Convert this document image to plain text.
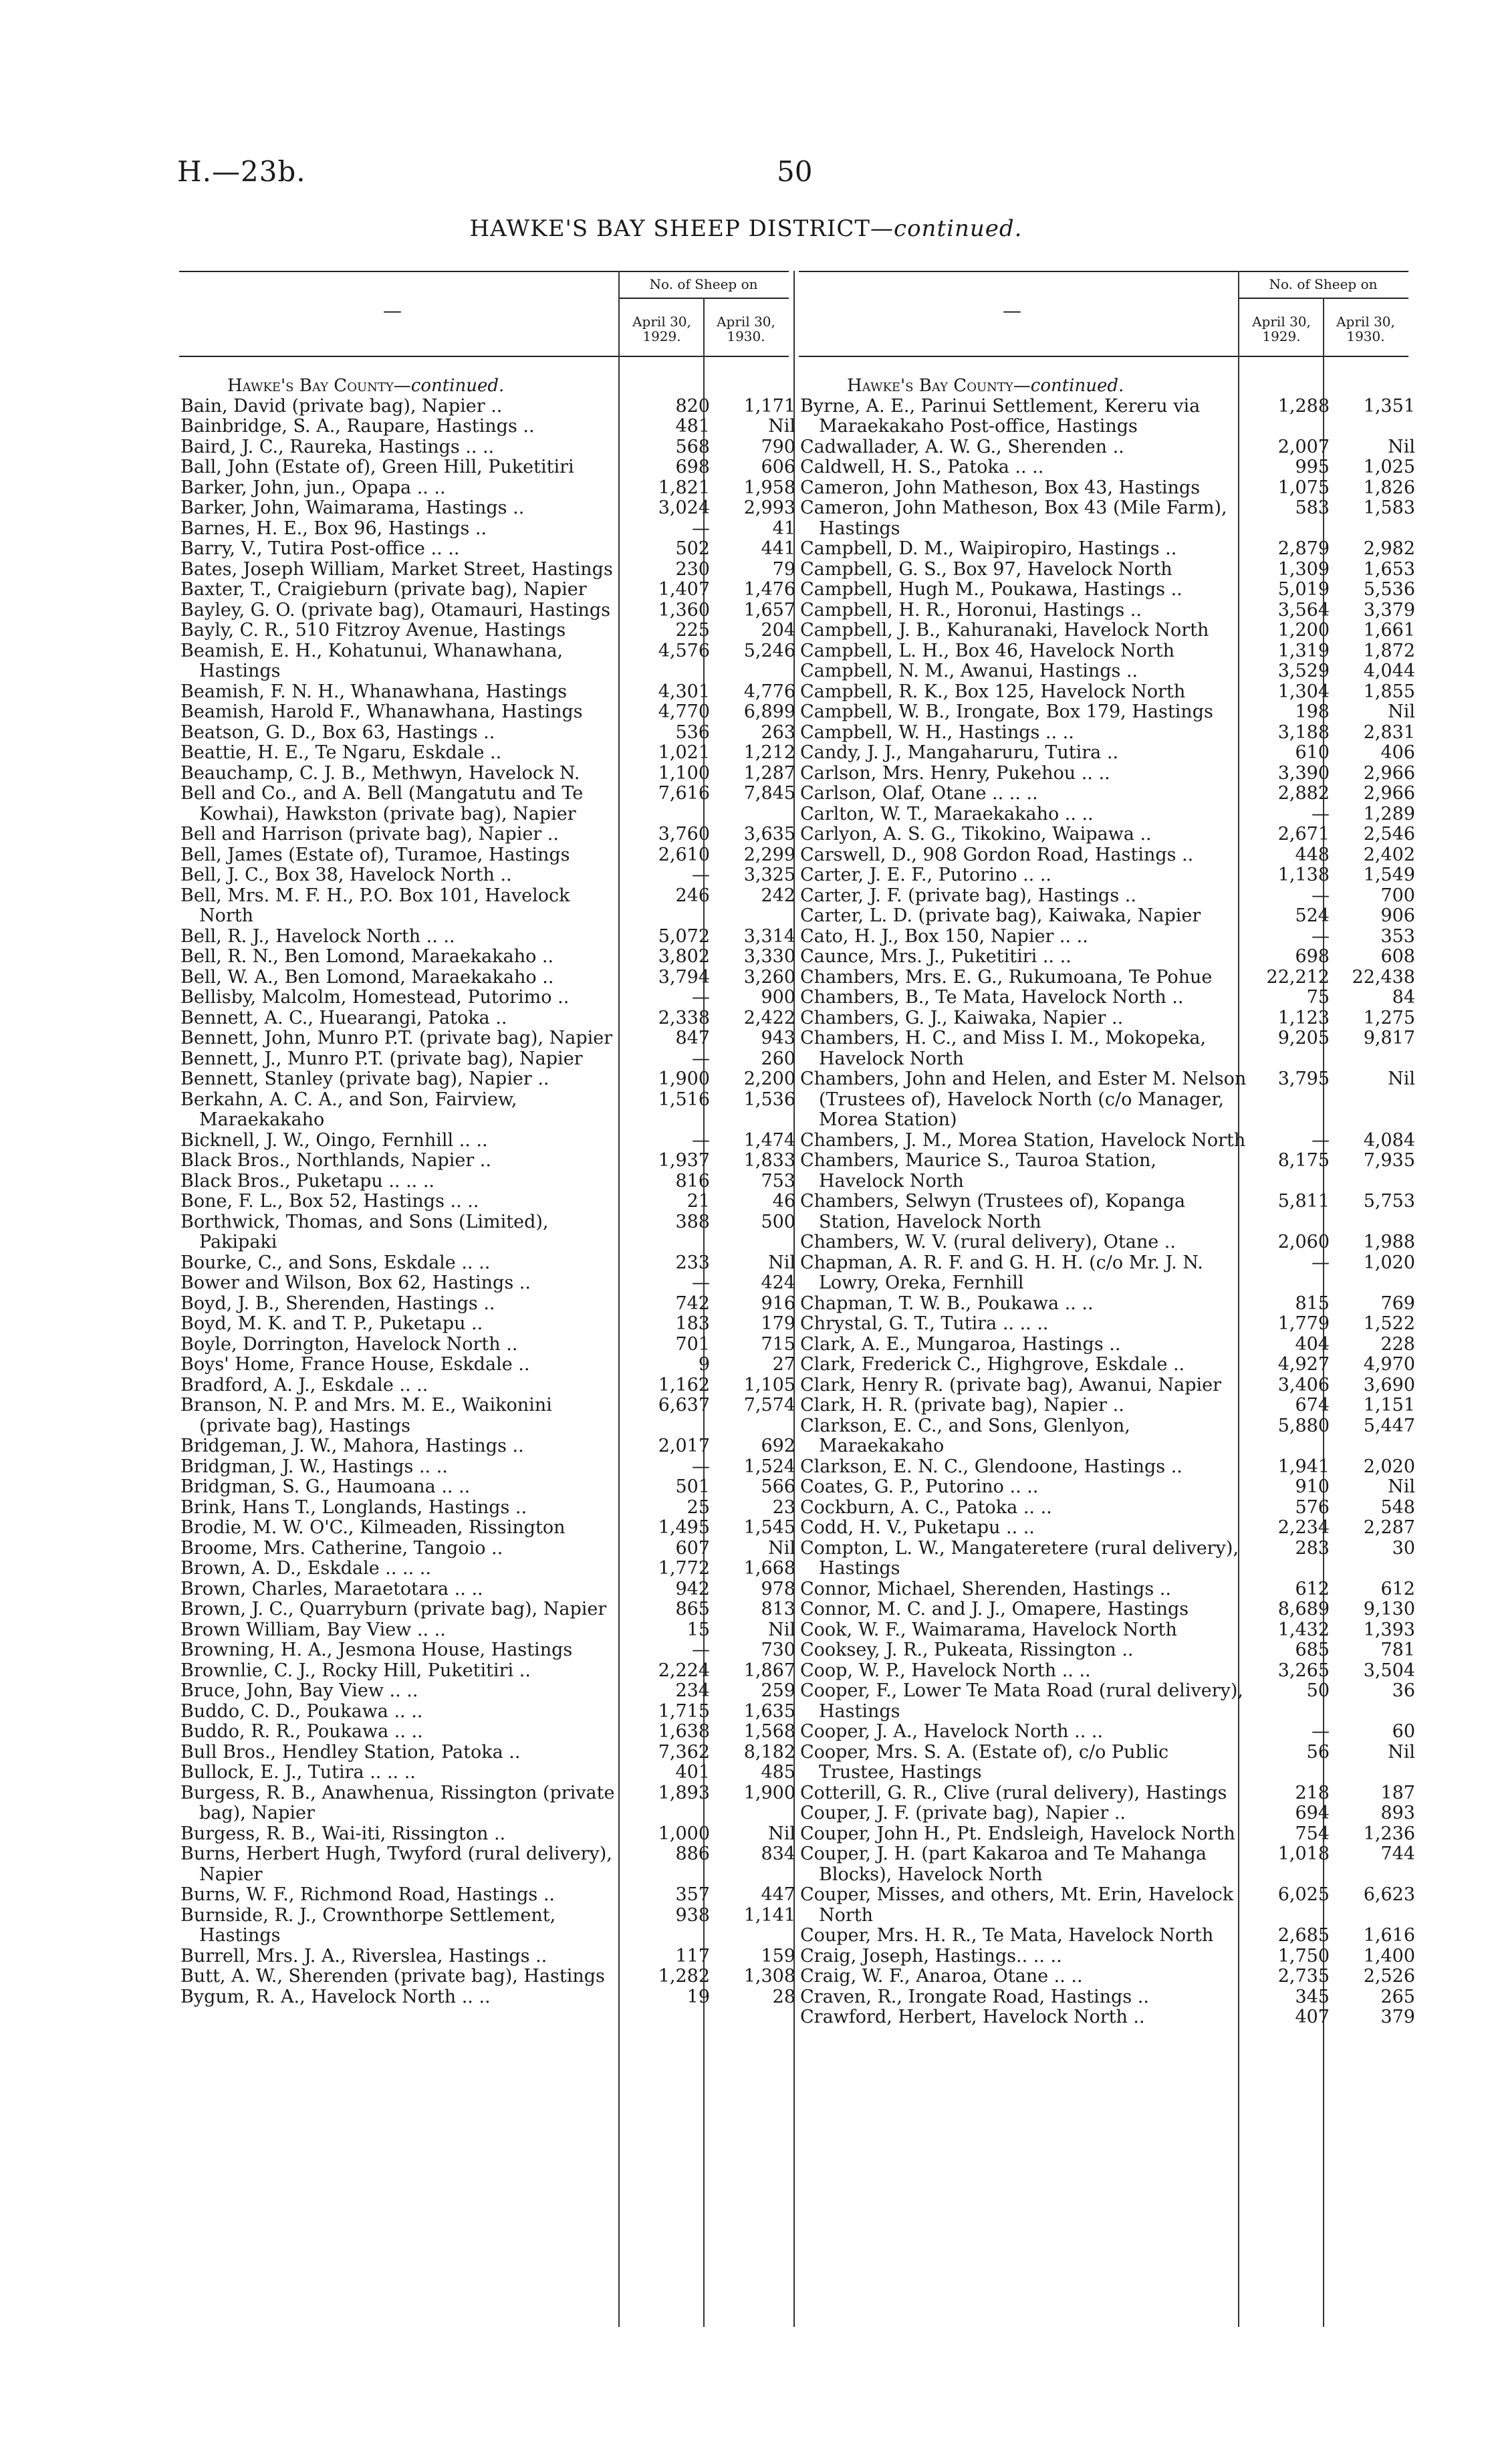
H.—23b.	50
HAWKE'S BAY SHEEP DISTRICT—continued.
—
No. of Sheep on
April 30, 1929.
April 30, 1930.
—
No. of Sheep on
April 30, 1929.
April 30, 1930.
Hawke's Bay County—continued.
Bain, David (private bag), Napier ..	820	1,171
Bainbridge, S. A., Raupare, Hastings ..	481	Nil
Baird, J. C., Raureka, Hastings .. ..	568	790
Ball, John (Estate of), Green Hill, Puketitiri	698	606
Barker, John, jun., Opapa .. ..	1,821	1,958
Barker, John, Waimarama, Hastings ..	3,024	2,993
Barnes, H. E., Box 96, Hastings ..	—	41
Barry, V., Tutira Post-office .. ..	502	441
Bates, Joseph William, Market Street, Hastings	230	79
Baxter, T., Craigieburn (private bag), Napier	1,407	1,476
Bayley, G. O. (private bag), Otamauri, Hastings	1,360	1,657
Bayly, C. R., 510 Fitzroy Avenue, Hastings	225	204
Beamish, E. H., Kohatunui, Whanawhana, Hastings
4,576	5,246
Beamish, F. N. H., Whanawhana, Hastings	4,301	4,776
Beamish, Harold F., Whanawhana, Hastings	4,770	6,899
Beatson, G. D., Box 63, Hastings ..	536	263
Beattie, H. E., Te Ngaru, Eskdale ..	1,021	1,212
Beauchamp, C. J. B., Methwyn, Havelock N.	1,100	1,287
Bell and Co., and A. Bell (Mangatutu and Te Kowhai), Hawkston (private bag), Napier
7,616	7,845
Bell and Harrison (private bag), Napier ..	3,760	3,635
Bell, James (Estate of), Turamoe, Hastings	2,610	2,299
Bell, J. C., Box 38, Havelock North ..	—	3,325
Bell, Mrs. M. F. H., P.O. Box 101, Havelock North
246	242
Bell, R. J., Havelock North .. ..	5,072	3,314
Bell, R. N., Ben Lomond, Maraekakaho ..	3,802	3,330
Bell, W. A., Ben Lomond, Maraekakaho ..	3,794	3,260
Bellisby, Malcolm, Homestead, Putorimo ..	—	900
Bennett, A. C., Huearangi, Patoka ..	2,338	2,422
Bennett, John, Munro P.T. (private bag), Napier	847	943
Bennett, J., Munro P.T. (private bag), Napier	—	260
Bennett, Stanley (private bag), Napier ..	1,900	2,200
Berkahn, A. C. A., and Son, Fairview, Maraekakaho
1,516	1,536
Bicknell, J. W., Oingo, Fernhill .. ..	—	1,474
Black Bros., Northlands, Napier ..	1,937	1,833
Black Bros., Puketapu .. .. ..	816	753
Bone, F. L., Box 52, Hastings .. ..	21	46
Borthwick, Thomas, and Sons (Limited), Pakipaki
388	500
Bourke, C., and Sons, Eskdale .. ..	233	Nil
Bower and Wilson, Box 62, Hastings ..	—	424
Boyd, J. B., Sherenden, Hastings ..	742	916
Boyd, M. K. and T. P., Puketapu ..	183	179
Boyle, Dorrington, Havelock North ..	701	715
Boys' Home, France House, Eskdale ..	9	27
Bradford, A. J., Eskdale .. ..	1,162	1,105
Branson, N. P. and Mrs. M. E., Waikonini (private bag), Hastings
6,637	7,574
Bridgeman, J. W., Mahora, Hastings ..	2,017	692
Bridgman, J. W., Hastings .. ..	—	1,524
Bridgman, S. G., Haumoana .. ..	501	566
Brink, Hans T., Longlands, Hastings ..	25	23
Brodie, M. W. O'C., Kilmeaden, Rissington	1,495	1,545
Broome, Mrs. Catherine, Tangoio ..	607	Nil
Brown, A. D., Eskdale .. .. ..	1,772	1,668
Brown, Charles, Maraetotara .. ..	942	978
Brown, J. C., Quarryburn (private bag), Napier	865	813
Brown William, Bay View .. ..	15	Nil
Browning, H. A., Jesmona House, Hastings	—	730
Brownlie, C. J., Rocky Hill, Puketitiri ..	2,224	1,867
Bruce, John, Bay View .. ..	234	259
Buddo, C. D., Poukawa .. ..	1,715	1,635
Buddo, R. R., Poukawa .. ..	1,638	1,568
Bull Bros., Hendley Station, Patoka ..	7,362	8,182
Bullock, E. J., Tutira .. .. ..	401	485
Burgess, R. B., Anawhenua, Rissington (private bag), Napier
1,893	1,900
Burgess, R. B., Wai-iti, Rissington ..	1,000	Nil
Burns, Herbert Hugh, Twyford (rural delivery), Napier
886	834
Burns, W. F., Richmond Road, Hastings ..	357	447
Burnside, R. J., Crownthorpe Settlement, Hastings
938	1,141
Burrell, Mrs. J. A., Riverslea, Hastings ..	117	159
Butt, A. W., Sherenden (private bag), Hastings	1,282	1,308
Bygum, R. A., Havelock North .. ..	19	28
Hawke's Bay County—continued.
Byrne, A. E., Parinui Settlement, Kereru via Maraekakaho Post-office, Hastings
1,288	1,351
Cadwallader, A. W. G., Sherenden ..	2,007	Nil
Caldwell, H. S., Patoka .. ..	995	1,025
Cameron, John Matheson, Box 43, Hastings	1,075	1,826
Cameron, John Matheson, Box 43 (Mile Farm), Hastings
583	1,583
Campbell, D. M., Waipiropiro, Hastings ..	2,879	2,982
Campbell, G. S., Box 97, Havelock North	1,309	1,653
Campbell, Hugh M., Poukawa, Hastings ..	5,019	5,536
Campbell, H. R., Horonui, Hastings ..	3,564	3,379
Campbell, J. B., Kahuranaki, Havelock North	1,200	1,661
Campbell, L. H., Box 46, Havelock North	1,319	1,872
Campbell, N. M., Awanui, Hastings ..	3,529	4,044
Campbell, R. K., Box 125, Havelock North	1,304	1,855
Campbell, W. B., Irongate, Box 179, Hastings	198	Nil
Campbell, W. H., Hastings .. ..	3,188	2,831
Candy, J. J., Mangaharuru, Tutira ..	610	406
Carlson, Mrs. Henry, Pukehou .. ..	3,390	2,966
Carlson, Olaf, Otane .. .. ..	2,882	2,966
Carlton, W. T., Maraekakaho .. ..	—	1,289
Carlyon, A. S. G., Tikokino, Waipawa ..	2,671	2,546
Carswell, D., 908 Gordon Road, Hastings ..	448	2,402
Carter, J. E. F., Putorino .. ..	1,138	1,549
Carter, J. F. (private bag), Hastings ..	—	700
Carter, L. D. (private bag), Kaiwaka, Napier	524	906
Cato, H. J., Box 150, Napier .. ..	—	353
Caunce, Mrs. J., Puketitiri .. ..	698	608
Chambers, Mrs. E. G., Rukumoana, Te Pohue	22,212	22,438
Chambers, B., Te Mata, Havelock North ..	75	84
Chambers, G. J., Kaiwaka, Napier ..	1,123	1,275
Chambers, H. C., and Miss I. M., Mokopeka, Havelock North
9,205	9,817
Chambers, John and Helen, and Ester M. Nelson (Trustees of), Havelock North (c/o Manager, Morea Station)
3,795	Nil
Chambers, J. M., Morea Station, Havelock North	—	4,084
Chambers, Maurice S., Tauroa Station, Havelock North
8,175	7,935
Chambers, Selwyn (Trustees of), Kopanga Station, Havelock North
5,811	5,753
Chambers, W. V. (rural delivery), Otane ..	2,060	1,988
Chapman, A. R. F. and G. H. H. (c/o Mr. J. N. Lowry, Oreka, Fernhill
—	1,020
Chapman, T. W. B., Poukawa .. ..	815	769
Chrystal, G. T., Tutira .. .. ..	1,779	1,522
Clark, A. E., Mungaroa, Hastings ..	404	228
Clark, Frederick C., Highgrove, Eskdale ..	4,927	4,970
Clark, Henry R. (private bag), Awanui, Napier	3,406	3,690
Clark, H. R. (private bag), Napier ..	674	1,151
Clarkson, E. C., and Sons, Glenlyon, Maraekakaho
5,880	5,447
Clarkson, E. N. C., Glendoone, Hastings ..	1,941	2,020
Coates, G. P., Putorino .. ..	910	Nil
Cockburn, A. C., Patoka .. ..	576	548
Codd, H. V., Puketapu .. ..	2,234	2,287
Compton, L. W., Mangateretere (rural delivery), Hastings
283	30
Connor, Michael, Sherenden, Hastings ..	612	612
Connor, M. C. and J. J., Omapere, Hastings	8,689	9,130
Cook, W. F., Waimarama, Havelock North	1,432	1,393
Cooksey, J. R., Pukeata, Rissington ..	685	781
Coop, W. P., Havelock North .. ..	3,265	3,504
Cooper, F., Lower Te Mata Road (rural delivery), Hastings
50	36
Cooper, J. A., Havelock North .. ..	—	60
Cooper, Mrs. S. A. (Estate of), c/o Public Trustee, Hastings
56	Nil
Cotterill, G. R., Clive (rural delivery), Hastings	218	187
Couper, J. F. (private bag), Napier ..	694	893
Couper, John H., Pt. Endsleigh, Havelock North	754	1,236
Couper, J. H. (part Kakaroa and Te Mahanga Blocks), Havelock North
1,018	744
Couper, Misses, and others, Mt. Erin, Havelock North
6,025	6,623
Couper, Mrs. H. R., Te Mata, Havelock North	2,685	1,616
Craig, Joseph, Hastings.. .. ..	1,750	1,400
Craig, W. F., Anaroa, Otane .. ..	2,735	2,526
Craven, R., Irongate Road, Hastings ..	345	265
Crawford, Herbert, Havelock North ..	407	379
